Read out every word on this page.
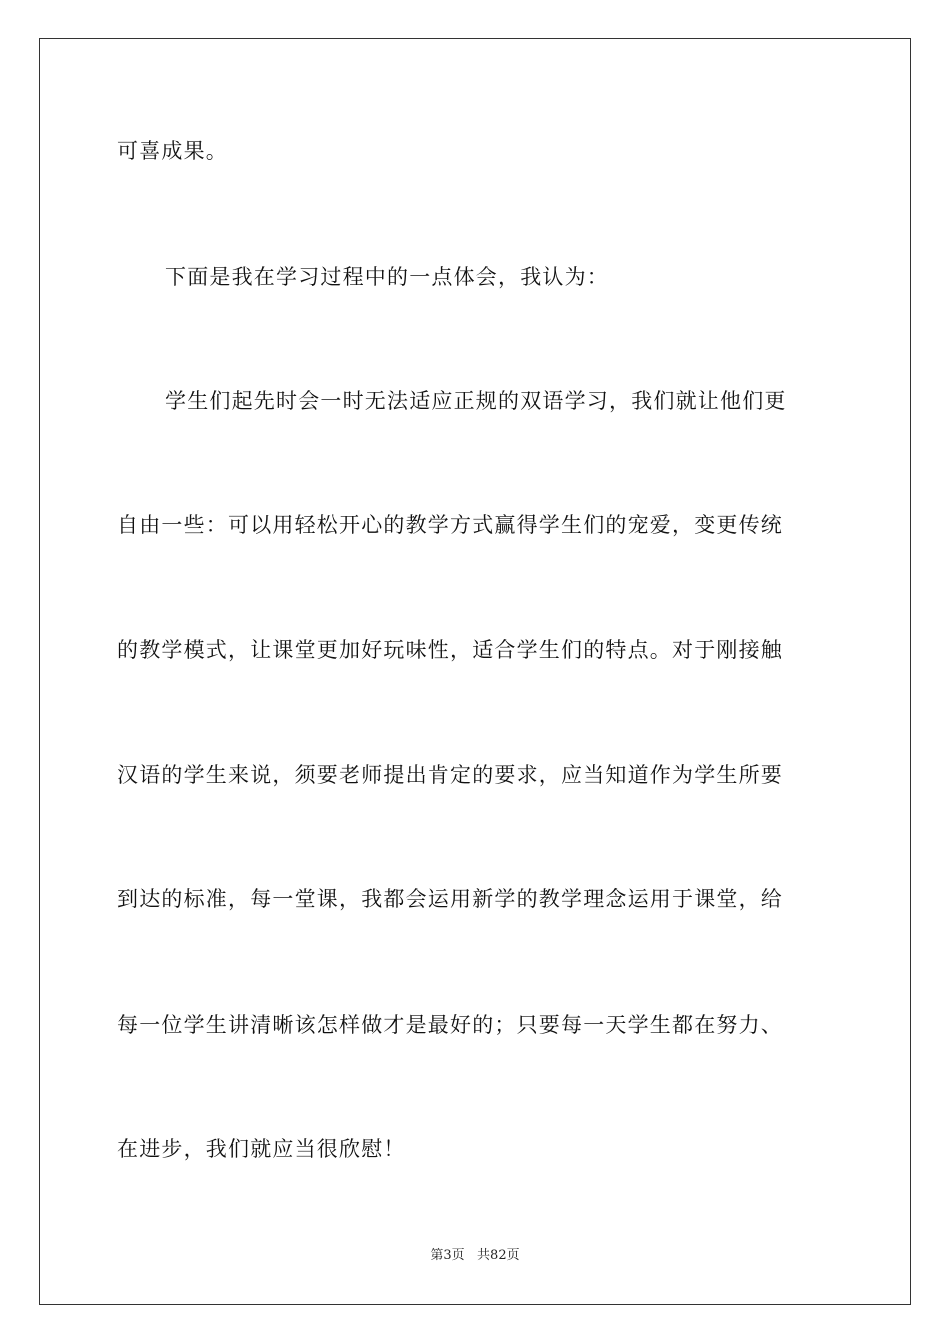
可喜成果。
下面是我在学习过程中的一点体会，我认为：
学生们起先时会一时无法适应正规的双语学习，我们就让他们更
自由一些：可以用轻松开心的教学方式赢得学生们的宠爱，变更传统
的教学模式，让课堂更加好玩味性，适合学生们的特点。对于刚接触
汉语的学生来说，须要老师提出肯定的要求，应当知道作为学生所要
到达的标准，每一堂课，我都会运用新学的教学理念运用于课堂，给
每一位学生讲清晰该怎样做才是最好的；只要每一天学生都在努力、
在进步，我们就应当很欣慰！
第3页   共82页
